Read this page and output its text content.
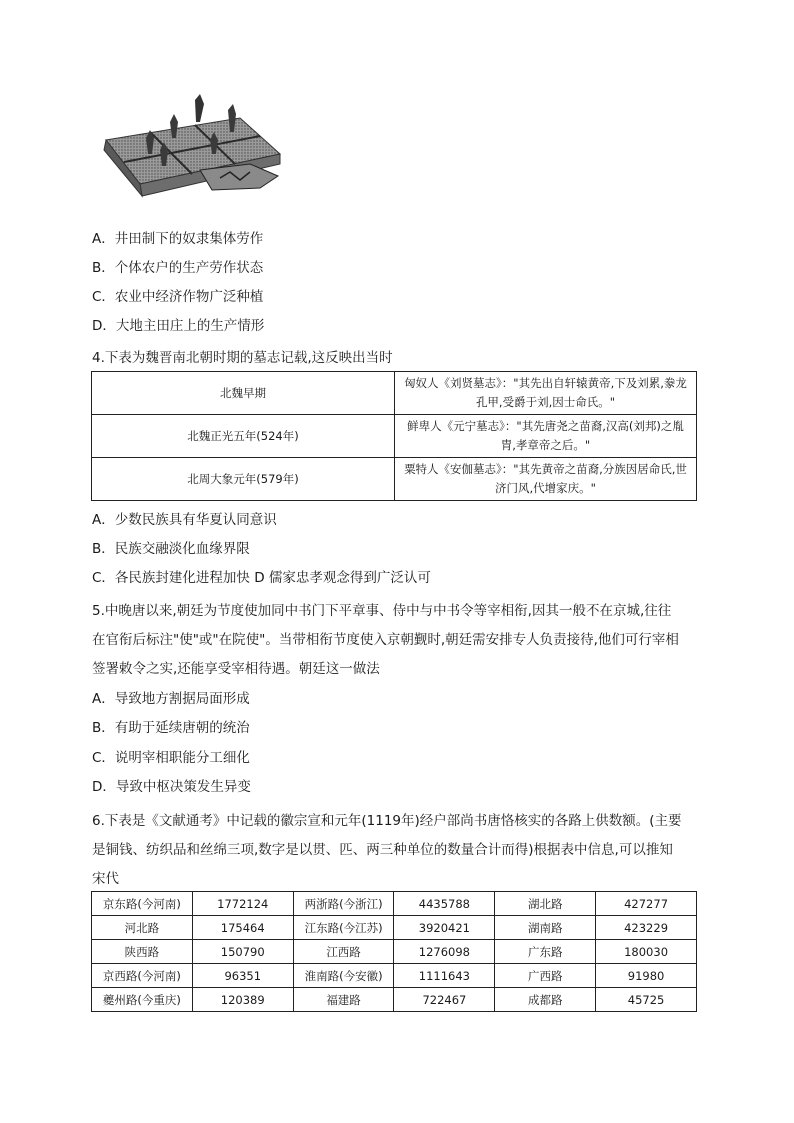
A．井田制下的奴隶集体劳作
B．个体农户的生产劳作状态
C．农业中经济作物广泛种植
D．大地主田庄上的生产情形
4.下表为魏晋南北朝时期的墓志记载,这反映出当时
北魏早期	匈奴人《刘贤墓志》："其先出自轩辕黄帝,下及刘累,豢龙孔甲,受爵于刘,因士命氏。"
北魏正光五年(524年)	鲜卑人《元宁墓志》："其先唐尧之苗裔,汉高(刘邦)之胤胄,孝章帝之后。"
北周大象元年(579年)	粟特人《安伽墓志》："其先黄帝之苗裔,分族因居命氏,世济门风,代增家庆。"
A．少数民族具有华夏认同意识
B．民族交融淡化血缘界限
C．各民族封建化进程加快 D 儒家忠孝观念得到广泛认可
5.中晚唐以来,朝廷为节度使加同中书门下平章事、侍中与中书令等宰相衔,因其一般不在京城,往往
在官衔后标注"使"或"在院使"。当带相衔节度使入京朝觐时,朝廷需安排专人负责接待,他们可行宰相
签署敕令之实,还能享受宰相待遇。朝廷这一做法
A．导致地方割据局面形成
B．有助于延续唐朝的统治
C．说明宰相职能分工细化
D．导致中枢决策发生异变
6.下表是《文献通考》中记载的徽宗宣和元年(1119年)经户部尚书唐恪核实的各路上供数额。(主要
是铜钱、纺织品和丝绵三项,数字是以贯、匹、两三种单位的数量合计而得)根据表中信息,可以推知
宋代
京东路(今河南)	1772124	两浙路(今浙江)	4435788	湖北路	427277
河北路	175464	江东路(今江苏)	3920421	湖南路	423229
陕西路	150790	江西路	1276098	广东路	180030
京西路(今河南)	96351	淮南路(今安徽)	1111643	广西路	91980
夔州路(今重庆)	120389	福建路	722467	成都路	45725
